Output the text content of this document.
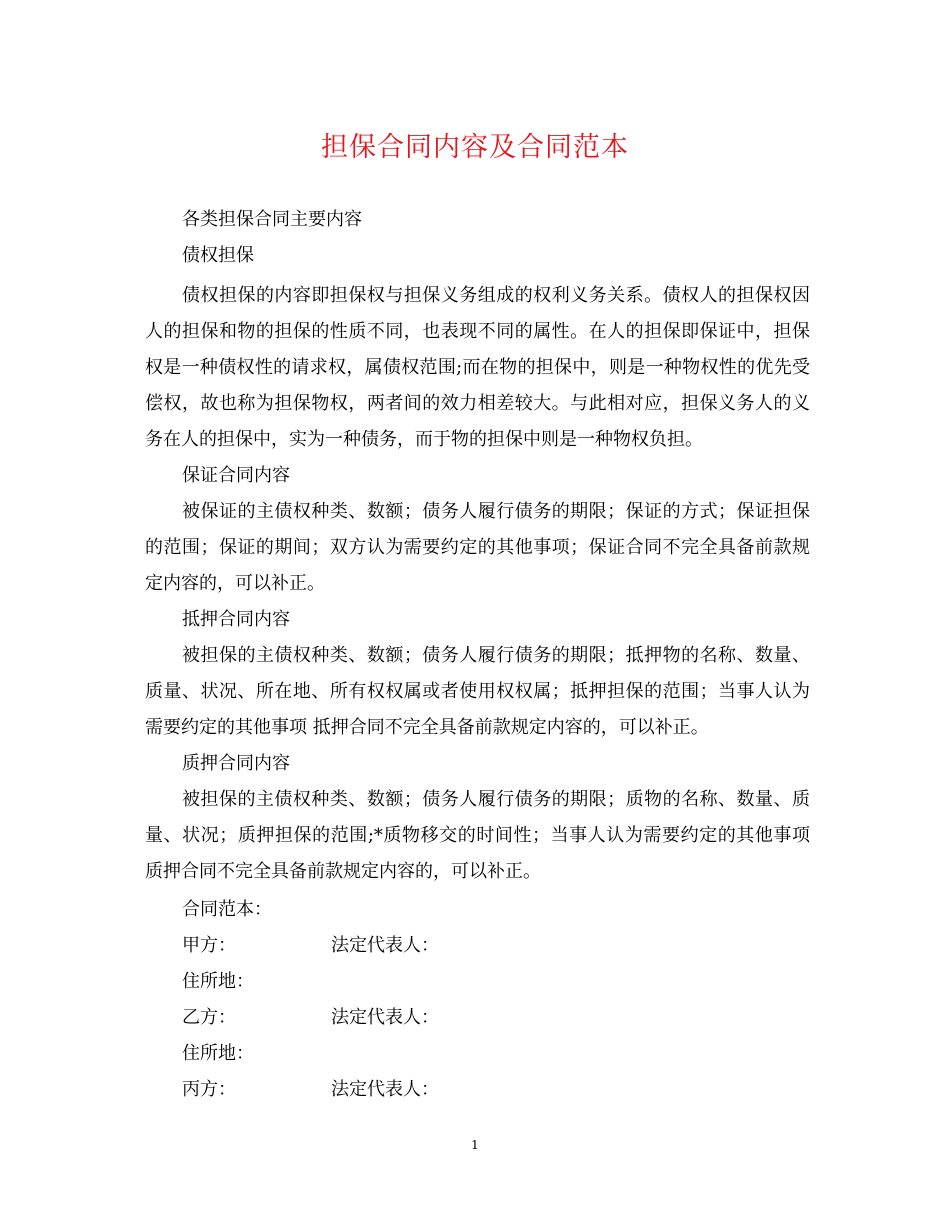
担保合同内容及合同范本
各类担保合同主要内容
债权担保

债权担保的内容即担保权与担保义务组成的权利义务关系。债权人的担保权因人的担保和物的担保的性质不同，也表现不同的属性。在人的担保即保证中，担保权是一种债权性的请求权，属债权范围;而在物的担保中，则是一种物权性的优先受偿权，故也称为担保物权，两者间的效力相差较大。与此相对应，担保义务人的义务在人的担保中，实为一种债务，而于物的担保中则是一种物权负担。

保证合同内容

被保证的主债权种类、数额；债务人履行债务的期限；保证的方式；保证担保的范围；保证的期间；双方认为需要约定的其他事项；保证合同不完全具备前款规定内容的，可以补正。

抵押合同内容

被担保的主债权种类、数额；债务人履行债务的期限；抵押物的名称、数量、质量、状况、所在地、所有权权属或者使用权权属；抵押担保的范围；当事人认为需要约定的其他事项 抵押合同不完全具备前款规定内容的，可以补正。

质押合同内容

被担保的主债权种类、数额；债务人履行债务的期限；质物的名称、数量、质量、状况；质押担保的范围;*质物移交的时间性；当事人认为需要约定的其他事项 质押合同不完全具备前款规定内容的，可以补正。

合同范本：
甲方：	法定代表人：
住所地：
乙方：	法定代表人：
住所地：
丙方：	法定代表人：
1
